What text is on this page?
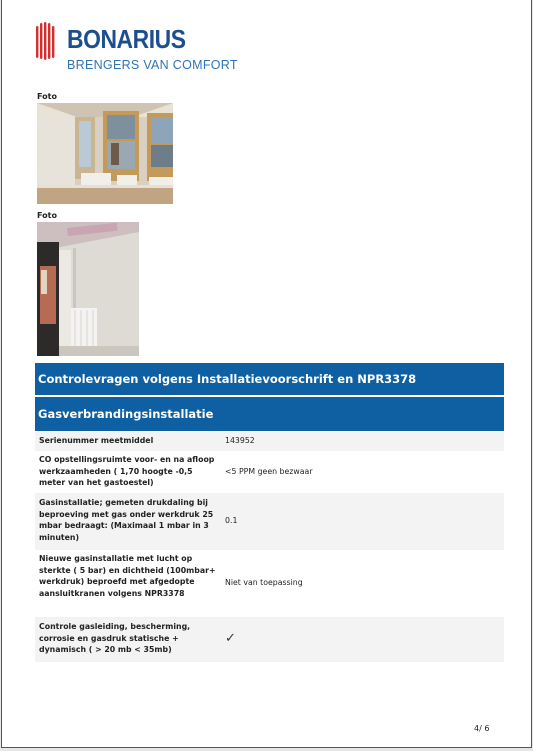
BONARIUS
BRENGERS VAN COMFORT
Foto
Foto
Controlevragen volgens Installatievoorschrift en NPR3378
Gasverbrandingsinstallatie
Serienummer meetmiddel	143952
CO opstellingsruimte voor- en na afloop werkzaamheden ( 1,70 hoogte -0,5 meter van het gastoestel)
<5 PPM geen bezwaar
Gasinstallatie; gemeten drukdaling bij beproeving met gas onder werkdruk 25 mbar bedraagt: (Maximaal 1 mbar in 3 minuten)
0.1
Nieuwe gasinstallatie met lucht op sterkte ( 5 bar) en dichtheid (100mbar+ werkdruk) beproefd met afgedopte aansluitkranen volgens NPR3378
Niet van toepassing
Controle gasleiding, bescherming, corrosie en gasdruk statische + dynamisch ( > 20 mb < 35mb)
✓
4/ 6
